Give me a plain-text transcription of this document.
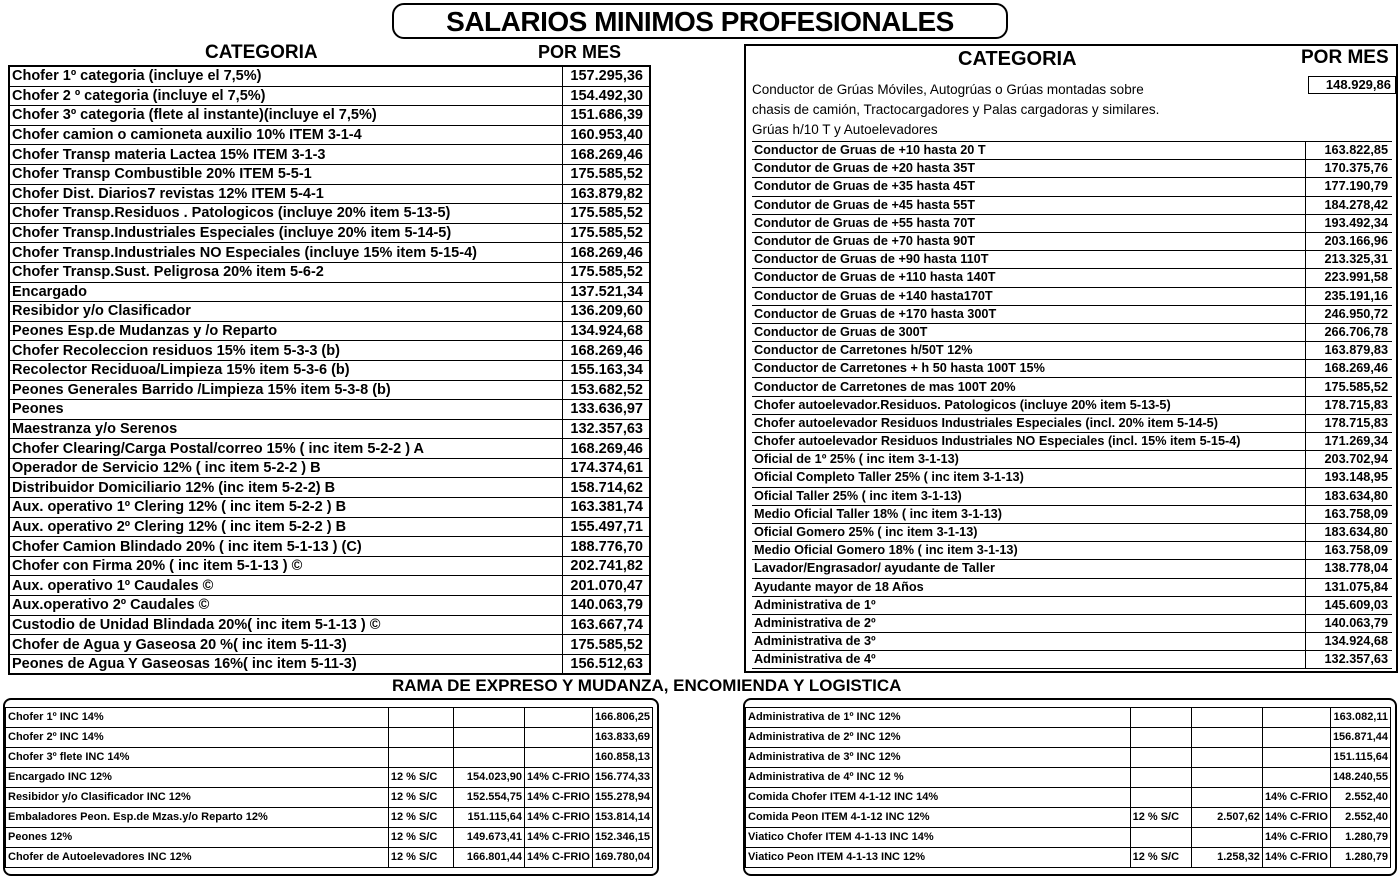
SALARIOS MINIMOS PROFESIONALES
CATEGORIA	POR MES
Chofer 1º categoria (incluye el 7,5%)	157.295,36
Chofer 2 º categoria (incluye el 7,5%)	154.492,30
Chofer 3º categoria (flete al instante)(incluye el 7,5%)	151.686,39
Chofer camion o camioneta auxilio 10% ITEM 3-1-4	160.953,40
Chofer Transp materia Lactea 15% ITEM 3-1-3	168.269,46
Chofer Transp Combustible 20% ITEM 5-5-1	175.585,52
Chofer Dist. Diarios7 revistas 12% ITEM 5-4-1	163.879,82
Chofer Transp.Residuos . Patologicos (incluye 20% item 5-13-5)	175.585,52
Chofer Transp.Industriales Especiales (incluye 20% item 5-14-5)	175.585,52
Chofer Transp.Industriales NO Especiales (incluye 15% item 5-15-4)	168.269,46
Chofer Transp.Sust. Peligrosa 20% item 5-6-2	175.585,52
Encargado	137.521,34
Resibidor y/o Clasificador	136.209,60
Peones Esp.de Mudanzas y /o Reparto	134.924,68
Chofer Recoleccion residuos 15% item 5-3-3 (b)	168.269,46
Recolector Reciduoa/Limpieza 15% item 5-3-6 (b)	155.163,34
Peones Generales Barrido /Limpieza 15% item 5-3-8 (b)	153.682,52
Peones	133.636,97
Maestranza y/o Serenos	132.357,63
Chofer Clearing/Carga Postal/correo 15% ( inc item 5-2-2 ) A	168.269,46
Operador de Servicio 12% ( inc item 5-2-2 ) B	174.374,61
Distribuidor Domiciliario 12% (inc item 5-2-2) B	158.714,62
Aux. operativo 1º Clering 12% ( inc item 5-2-2 ) B	163.381,74
Aux. operativo 2º Clering 12% ( inc item 5-2-2 ) B	155.497,71
Chofer Camion Blindado 20% ( inc item 5-1-13 ) (C)	188.776,70
Chofer con Firma 20% ( inc item 5-1-13 ) ©	202.741,82
Aux. operativo 1º Caudales ©	201.070,47
Aux.operativo 2º Caudales ©	140.063,79
Custodio de Unidad Blindada 20%( inc item 5-1-13 ) ©	163.667,74
Chofer de Agua y Gaseosa 20 %( inc item 5-11-3)	175.585,52
Peones de Agua Y Gaseosas 16%( inc item 5-11-3)	156.512,63
CATEGORIA	POR MES
Conductor de Grúas Móviles, Autogrúas o Grúas montadas sobre
chasis de camión, Tractocargadores y Palas cargadoras y similares.
Grúas h/10 T y Autoelevadores
148.929,86
Conductor de Gruas de +10 hasta 20 T	163.822,85
Condutor de Gruas de +20 hasta 35T	170.375,76
Condutor de Gruas de +35 hasta 45T	177.190,79
Condutor de Gruas de +45 hasta 55T	184.278,42
Condutor de Gruas de +55 hasta 70T	193.492,34
Condutor de Gruas de +70 hasta 90T	203.166,96
Conductor de Gruas de +90 hasta 110T	213.325,31
Conductor de Gruas de +110 hasta 140T	223.991,58
Conductor de Gruas de +140 hasta170T	235.191,16
Conductor de Gruas de +170 hasta 300T	246.950,72
Conductor de Gruas de 300T	266.706,78
Conductor de Carretones h/50T 12%	163.879,83
Conductor de Carretones + h 50 hasta 100T 15%	168.269,46
Conductor de Carretones de mas 100T 20%	175.585,52
Chofer autoelevador.Residuos. Patologicos (incluye 20% item 5-13-5)	178.715,83
Chofer autoelevador Residuos Industriales Especiales (incl. 20% item 5-14-5)	178.715,83
Chofer autoelevador Residuos Industriales NO Especiales (incl. 15% item 5-15-4)	171.269,34
Oficial de 1º 25% ( inc item 3-1-13)	203.702,94
Oficial Completo Taller 25% ( inc item 3-1-13)	193.148,95
Oficial Taller 25% ( inc item 3-1-13)	183.634,80
Medio Oficial Taller 18% ( inc item 3-1-13)	163.758,09
Oficial Gomero 25% ( inc item 3-1-13)	183.634,80
Medio Oficial Gomero 18% ( inc item 3-1-13)	163.758,09
Lavador/Engrasador/ ayudante de Taller	138.778,04
Ayudante mayor de 18 Años	131.075,84
Administrativa de 1º	145.609,03
Administrativa de 2º	140.063,79
Administrativa de 3º	134.924,68
Administrativa de 4º	132.357,63
RAMA DE EXPRESO Y MUDANZA, ENCOMIENDA Y LOGISTICA
Chofer 1º INC 14%				166.806,25
Chofer 2º INC 14%				163.833,69
Chofer 3º flete INC 14%				160.858,13
Encargado INC 12%	12 % S/C	154.023,90	14% C-FRIO	156.774,33
Resibidor y/o Clasificador INC 12%	12 % S/C	152.554,75	14% C-FRIO	155.278,94
Embaladores Peon. Esp.de Mzas.y/o Reparto 12%	12 % S/C	151.115,64	14% C-FRIO	153.814,14
Peones 12%	12 % S/C	149.673,41	14% C-FRIO	152.346,15
Chofer de Autoelevadores INC 12%	12 % S/C	166.801,44	14% C-FRIO	169.780,04
Administrativa de 1º INC 12%				163.082,11
Administrativa de 2º INC 12%				156.871,44
Administrativa de 3º INC 12%				151.115,64
Administrativa de 4º INC 12 %				148.240,55
Comida Chofer ITEM 4-1-12 INC 14%			14% C-FRIO	2.552,40
Comida Peon ITEM 4-1-12 INC 12%	12 % S/C	2.507,62	14% C-FRIO	2.552,40
Viatico Chofer ITEM 4-1-13 INC 14%			14% C-FRIO	1.280,79
Viatico Peon ITEM 4-1-13 INC 12%	12 % S/C	1.258,32	14% C-FRIO	1.280,79
